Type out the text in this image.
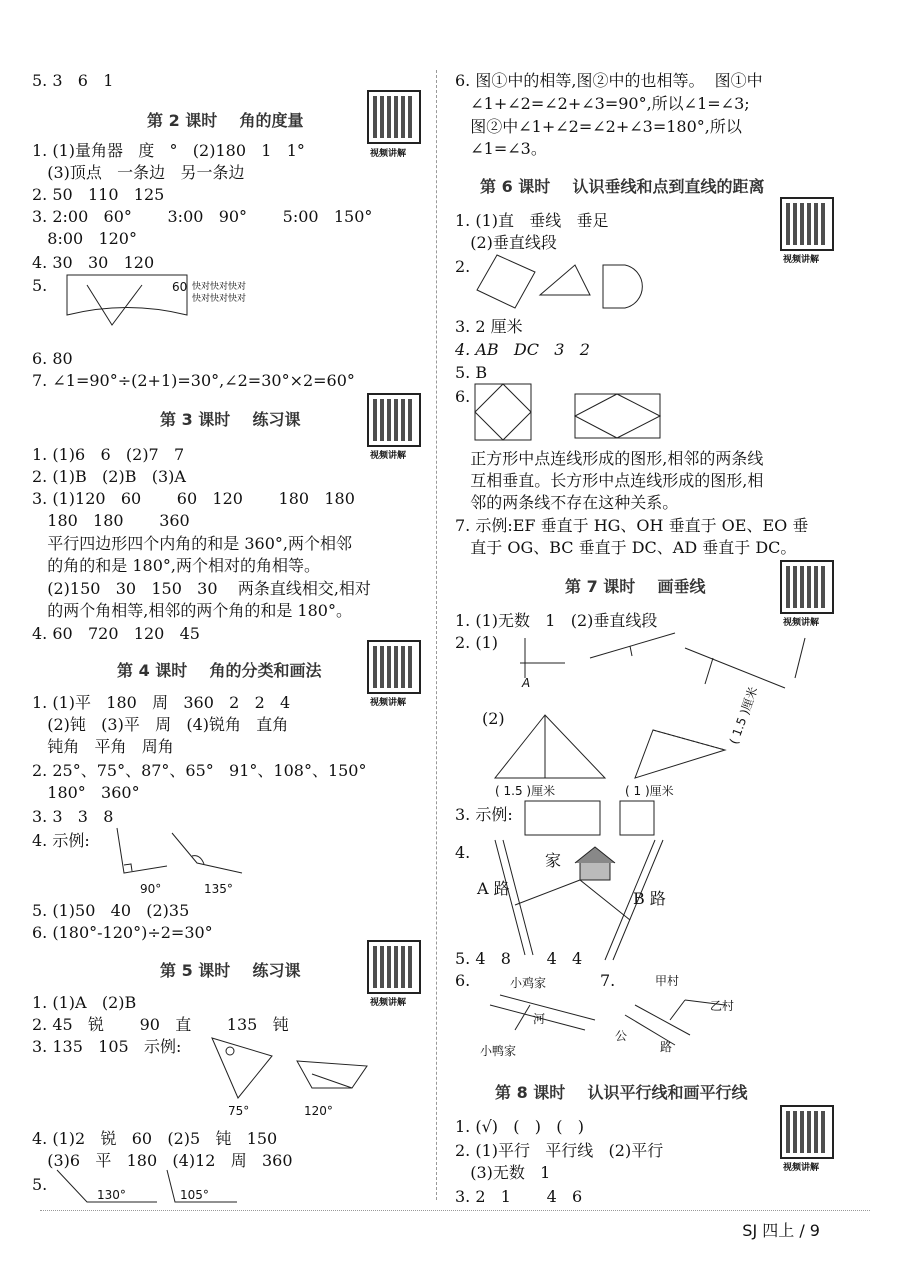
5. 3   6   1
第 2 课时    角的度量
视频讲解
1. (1)量角器   度   °   (2)180   1   1°
(3)顶点   一条边   另一条边
2. 50   110   125
3. 2:00   60°       3:00   90°       5:00   150°
8:00   120°
4. 30   30   120
5.	60 快对快对快对
快对快对快对
6. 80
7. ∠1=90°÷(2+1)=30°,∠2=30°×2=60°
第 3 课时    练习课
视频讲解
1. (1)6   6   (2)7   7
2. (1)B   (2)B   (3)A
3. (1)120   60       60   120       180   180
180   180       360
平行四边形四个内角的和是 360°,两个相邻
的角的和是 180°,两个相对的角相等。
(2)150   30   150   30    两条直线相交,相对
的两个角相等,相邻的两个角的和是 180°。
4. 60   720   120   45
第 4 课时    角的分类和画法
视频讲解
1. (1)平   180   周   360   2   2   4
(2)钝   (3)平   周   (4)锐角   直角
钝角   平角   周角
2. 25°、75°、87°、65°   91°、108°、150°
180°   360°
3. 3   3   8
4. 示例:
90°	135°
5. (1)50   40   (2)35
6. (180°-120°)÷2=30°
第 5 课时    练习课
视频讲解
1. (1)A   (2)B
2. 45   锐       90   直       135   钝
3. 135   105   示例:
75°	120°
4. (1)2   锐   60   (2)5   钝   150
(3)6   平   180   (4)12   周   360
5.
130°	105°
6. 图①中的相等,图②中的也相等。  图①中
∠1+∠2=∠2+∠3=90°,所以∠1=∠3;
图②中∠1+∠2=∠2+∠3=180°,所以
∠1=∠3。
第 6 课时    认识垂线和点到直线的距离
视频讲解
1. (1)直   垂线   垂足
(2)垂直线段
2.
3. 2 厘米
4. AB   DC   3   2
5. B
6.
正方形中点连线形成的图形,相邻的两条线
互相垂直。长方形中点连线形成的图形,相
邻的两条线不存在这种关系。
7. 示例:EF 垂直于 HG、OH 垂直于 OE、EO 垂
直于 OG、BC 垂直于 DC、AD 垂直于 DC。
第 7 课时    画垂线
视频讲解
1. (1)无数   1   (2)垂直线段
2. (1)
A
(2)
( 1.5 )厘米	( 1 )厘米
( 1.5 )厘米
3. 示例:
4.	家
A 路
B 路
5. 4   8       4   4
6.	7.
小鸡家
河
小鸭家
甲村
乙村
公
路
第 8 课时    认识平行线和画平行线
视频讲解
1. (√)   (   )   (   )
2. (1)平行   平行线   (2)平行
(3)无数   1
3. 2   1       4   6
SJ 四上 / 9
